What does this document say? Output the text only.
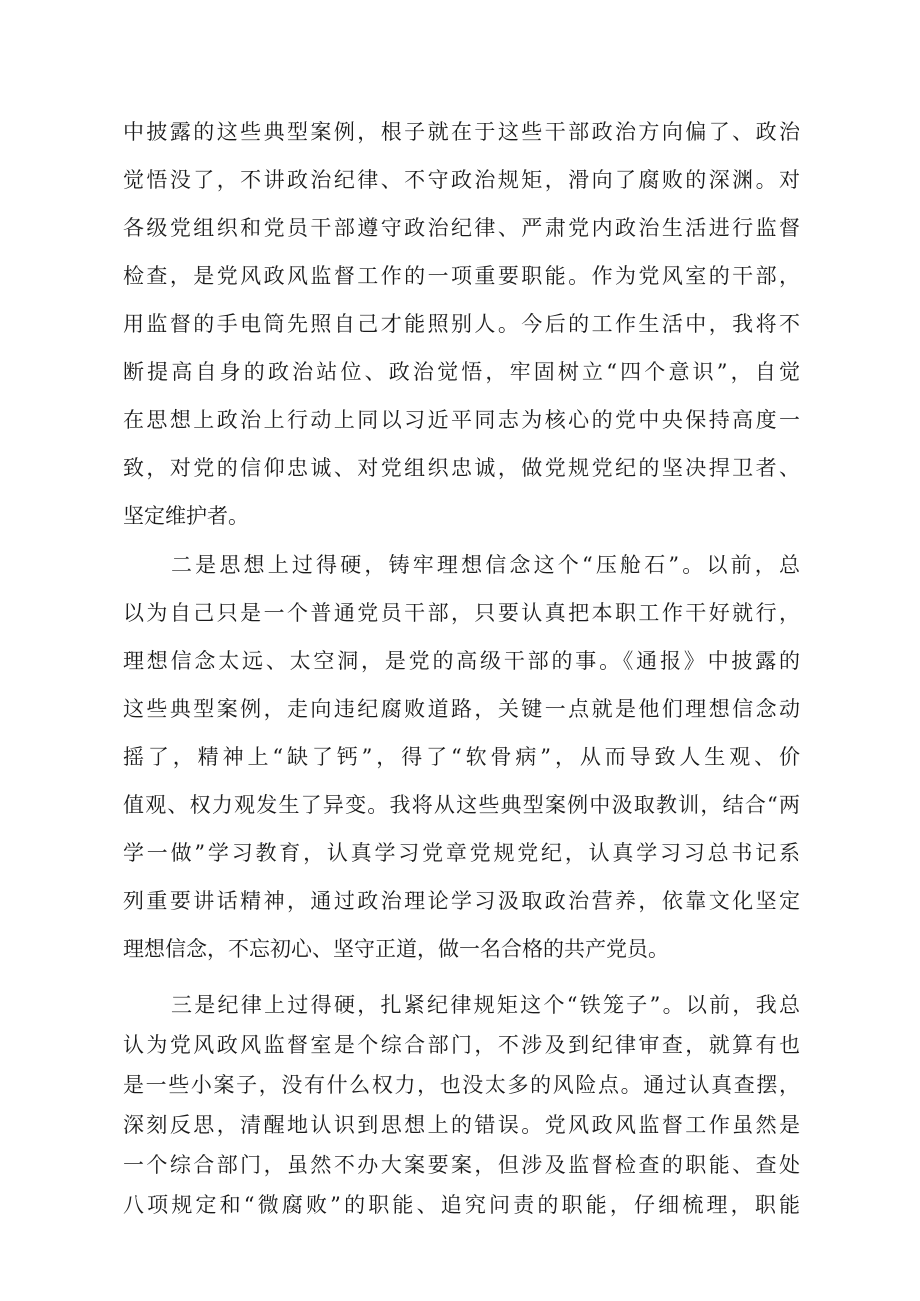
中披露的这些典型案例，根子就在于这些干部政治方向偏了、政治
觉悟没了，不讲政治纪律、不守政治规矩，滑向了腐败的深渊。对
各级党组织和党员干部遵守政治纪律、严肃党内政治生活进行监督
检查，是党风政风监督工作的一项重要职能。作为党风室的干部，
用监督的手电筒先照自己才能照别人。今后的工作生活中，我将不
断提高自身的政治站位、政治觉悟，牢固树立“四个意识”，自觉
在思想上政治上行动上同以习近平同志为核心的党中央保持高度一
致，对党的信仰忠诚、对党组织忠诚，做党规党纪的坚决捍卫者、
坚定维护者。
二是思想上过得硬，铸牢理想信念这个“压舱石”。以前，总
以为自己只是一个普通党员干部，只要认真把本职工作干好就行，
理想信念太远、太空洞，是党的高级干部的事。《通报》中披露的
这些典型案例，走向违纪腐败道路，关键一点就是他们理想信念动
摇了，精神上“缺了钙”，得了“软骨病”，从而导致人生观、价
值观、权力观发生了异变。我将从这些典型案例中汲取教训，结合“两
学一做”学习教育，认真学习党章党规党纪，认真学习习总书记系
列重要讲话精神，通过政治理论学习汲取政治营养，依靠文化坚定
理想信念，不忘初心、坚守正道，做一名合格的共产党员。
三是纪律上过得硬，扎紧纪律规矩这个“铁笼子”。以前，我总
认为党风政风监督室是个综合部门，不涉及到纪律审查，就算有也
是一些小案子，没有什么权力，也没太多的风险点。通过认真查摆，
深刻反思，清醒地认识到思想上的错误。党风政风监督工作虽然是
一个综合部门，虽然不办大案要案，但涉及监督检查的职能、查处
八项规定和“微腐败”的职能、追究问责的职能，仔细梳理，职能
